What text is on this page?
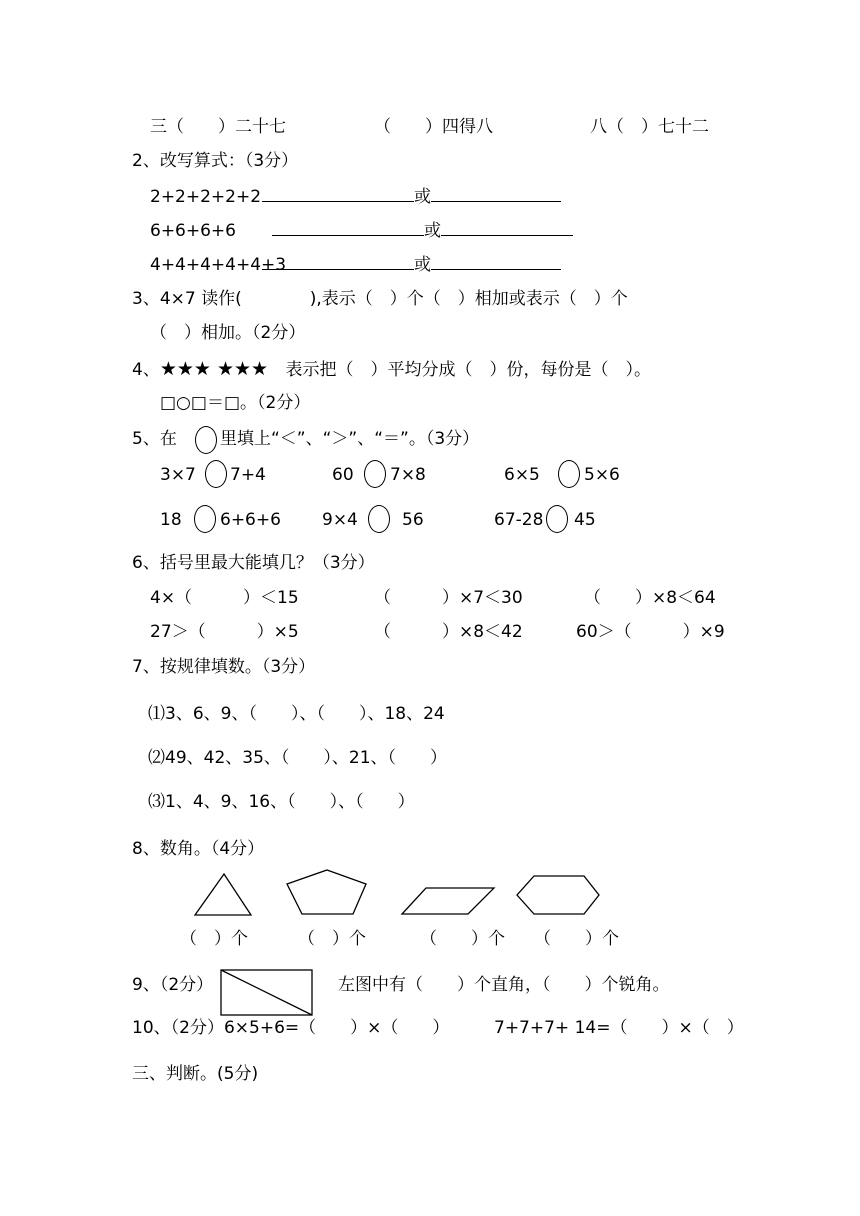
三（　　）二十七	（　　）四得八	八（　）七十二
2、改写算式：（3分）
2+2+2+2+2	或
6+6+6+6	或
4+4+4+4+4+3	或
3、4×7 读作(　　　　),表示（　）个（　）相加或表示（　）个
（　）相加。（2分）
4、★★★ ★★★ 表示把（　）平均分成（　）份，每份是（　）。
□○□＝□。（2分）
5、在	里填上“＜”、“＞”、“＝”。（3分）
3×7 7+4	60 7×8	6×5	5×6
18 6+6+6 9×4	56	67-28 45
6、括号里最大能填几？（3分）
4×（　　　）＜15	（　　　）×7＜30	（　　）×8＜64
27＞（　　　）×5	（　　　）×8＜42	60＞（　　　）×9
7、按规律填数。（3分）
⑴3、6、9、（　　）、（　　）、18、24
⑵49、42、35、（　　）、21、（　　）
⑶1、4、9、16、（　　）、（　　）
8、数角。（4分）
（　）个	（　）个	（　　）个 （　　）个
9、（2分）	左图中有（　　）个直角，（　　）个锐角。
10、（2分）6×5+6=（　　）×（　　）	7+7+7+ 14=（　　）×（　）
三、判断。(5分)
